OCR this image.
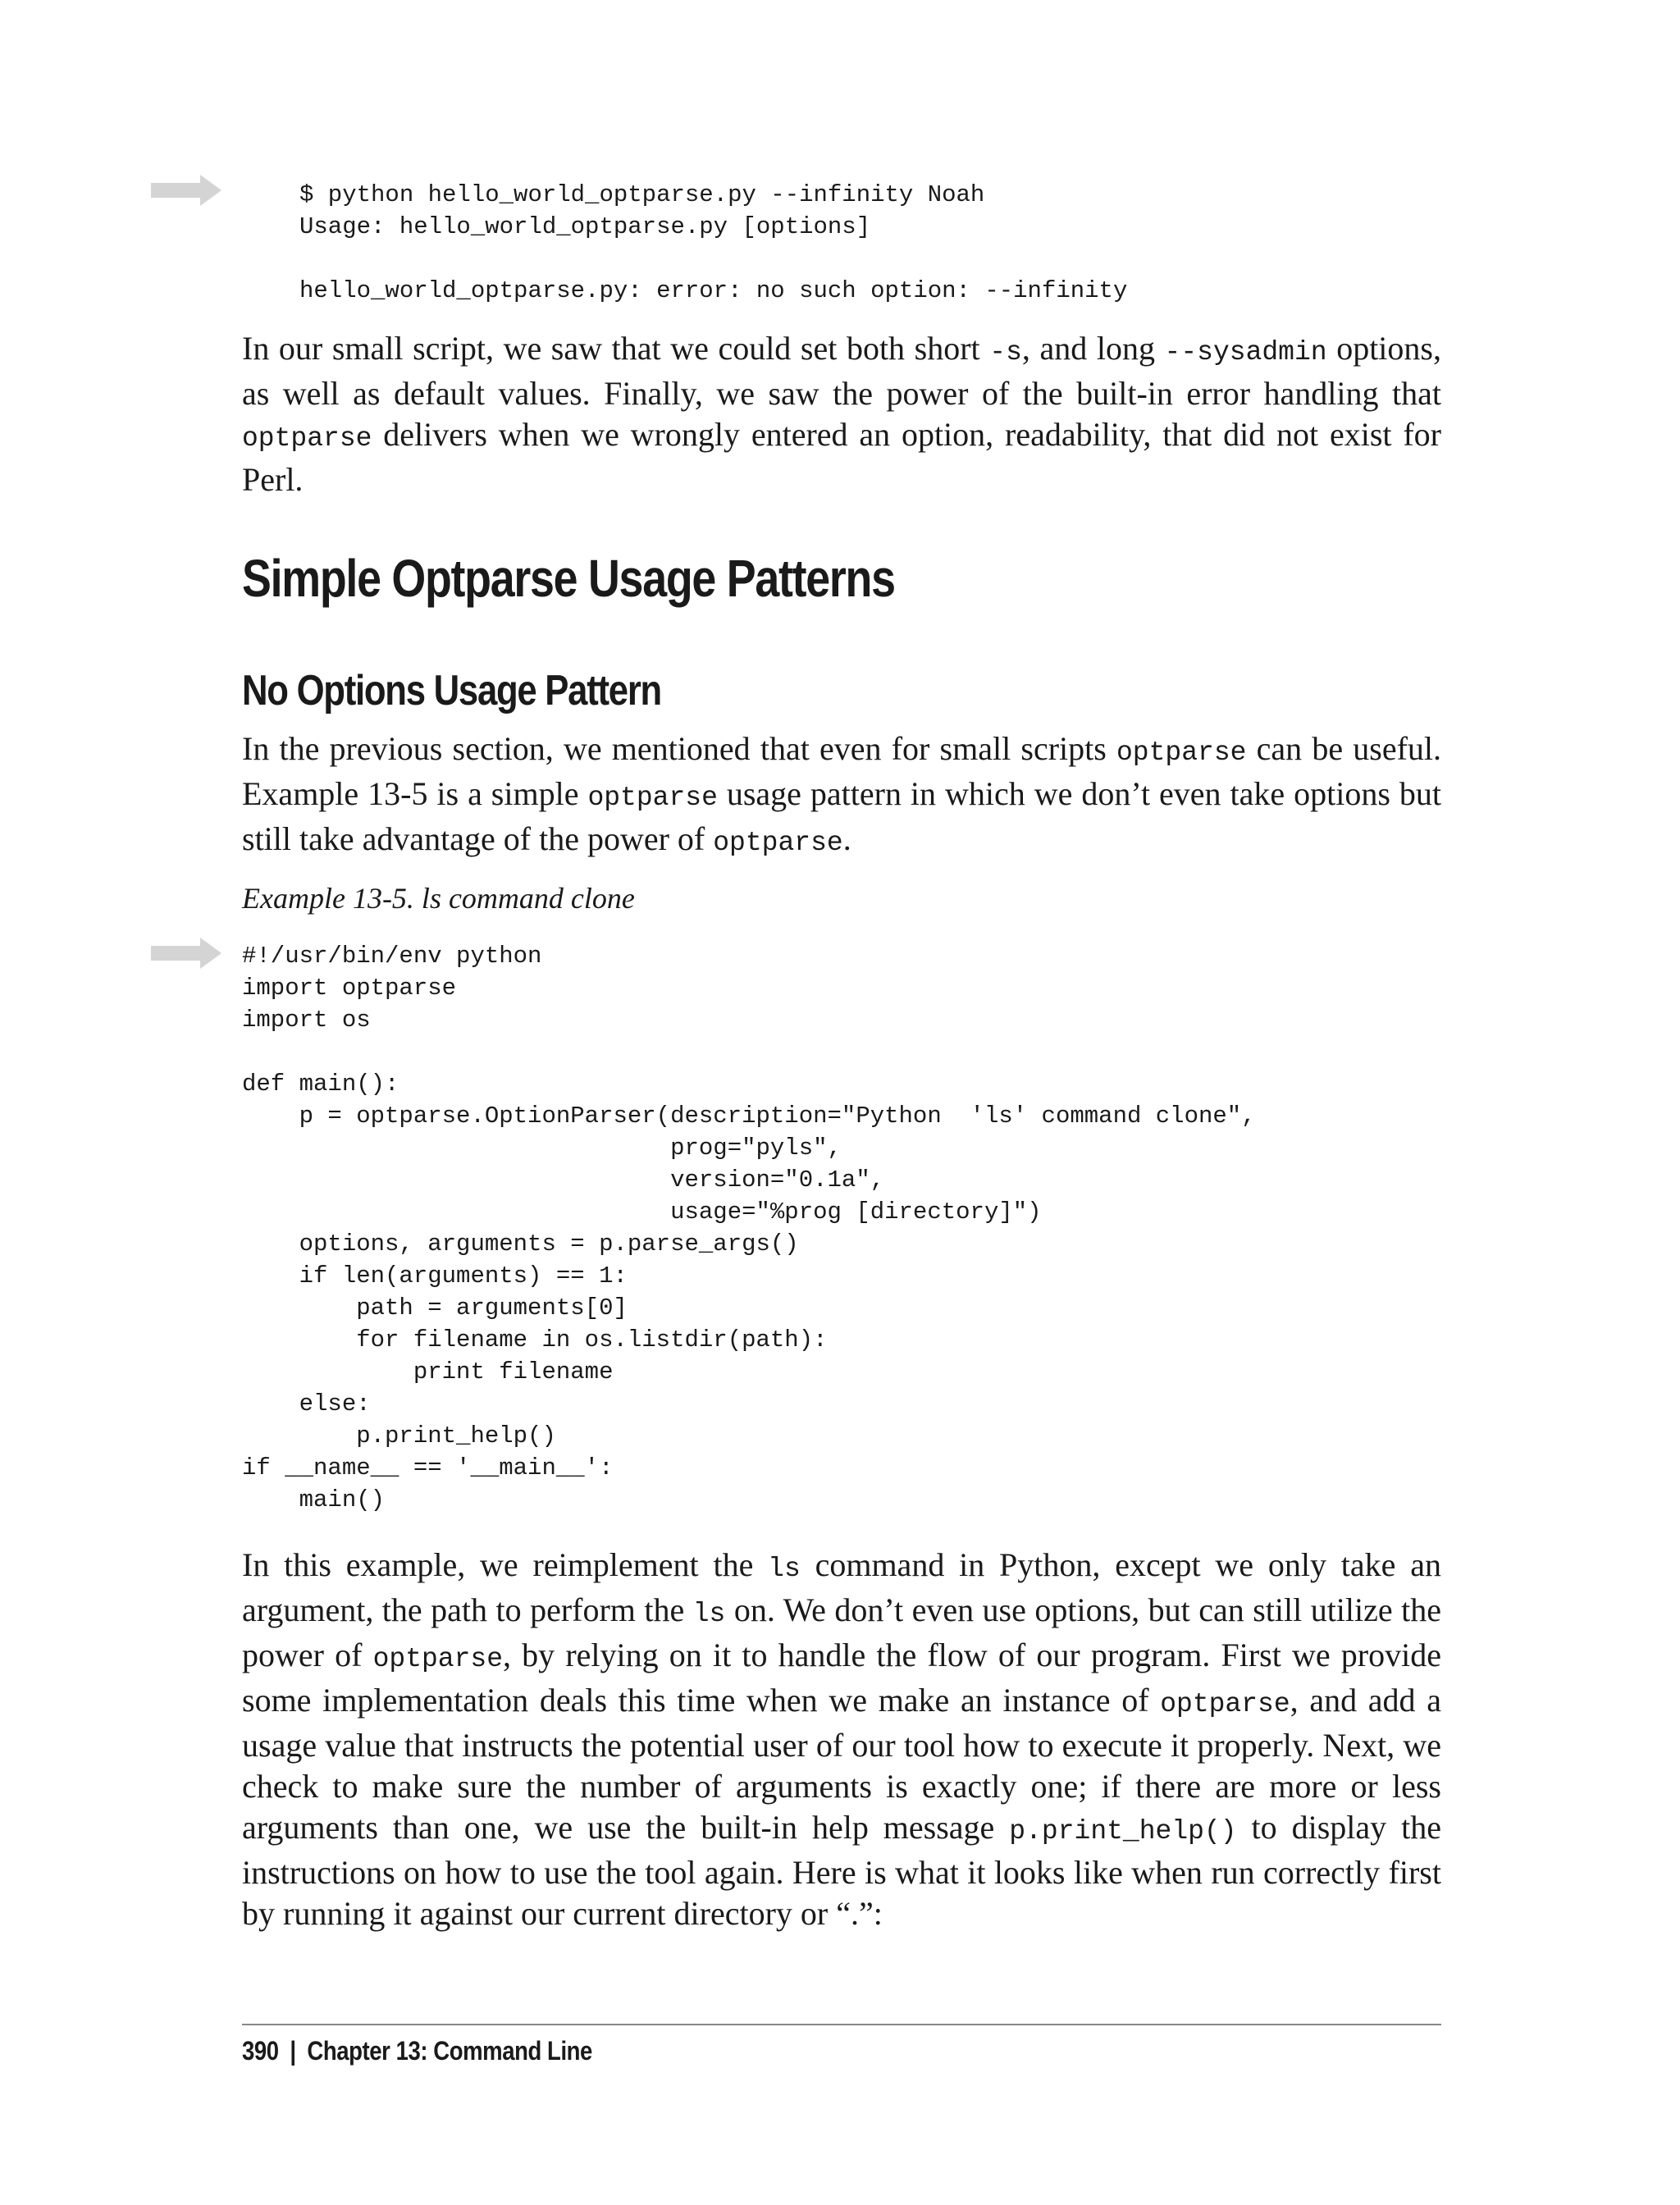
$ python hello_world_optparse.py --infinity Noah
Usage: hello_world_optparse.py [options]

hello_world_optparse.py: error: no such option: --infinity

In our small script, we saw that we could set both short -s, and long --sysadmin options, as well as default values. Finally, we saw the power of the built-in error handling that optparse delivers when we wrongly entered an option, readability, that did not exist for Perl.

Simple Optparse Usage Patterns
No Options Usage Pattern

In the previous section, we mentioned that even for small scripts optparse can be useful. Example 13-5 is a simple optparse usage pattern in which we don’t even take options but still take advantage of the power of optparse.

Example 13-5. ls command clone
#!/usr/bin/env python
import optparse
import os

def main():
p = optparse.OptionParser(description="Python  'ls' command clone",
prog="pyls",
version="0.1a",
usage="%prog [directory]")
options, arguments = p.parse_args()
if len(arguments) == 1:
path = arguments[0]
for filename in os.listdir(path):
print filename
else:
p.print_help()
if __name__ == '__main__':
main()

In this example, we reimplement the ls command in Python, except we only take an argument, the path to perform the ls on. We don’t even use options, but can still utilize the power of optparse, by relying on it to handle the flow of our program. First we provide some implementation deals this time when we make an instance of optparse, and add a usage value that instructs the potential user of our tool how to execute it properly. Next, we check to make sure the number of arguments is exactly one; if there are more or less arguments than one, we use the built-in help message p.print_help() to display the instructions on how to use the tool again. Here is what it looks like when run correctly first by running it against our current directory or “.”:

390 | Chapter 13: Command Line
